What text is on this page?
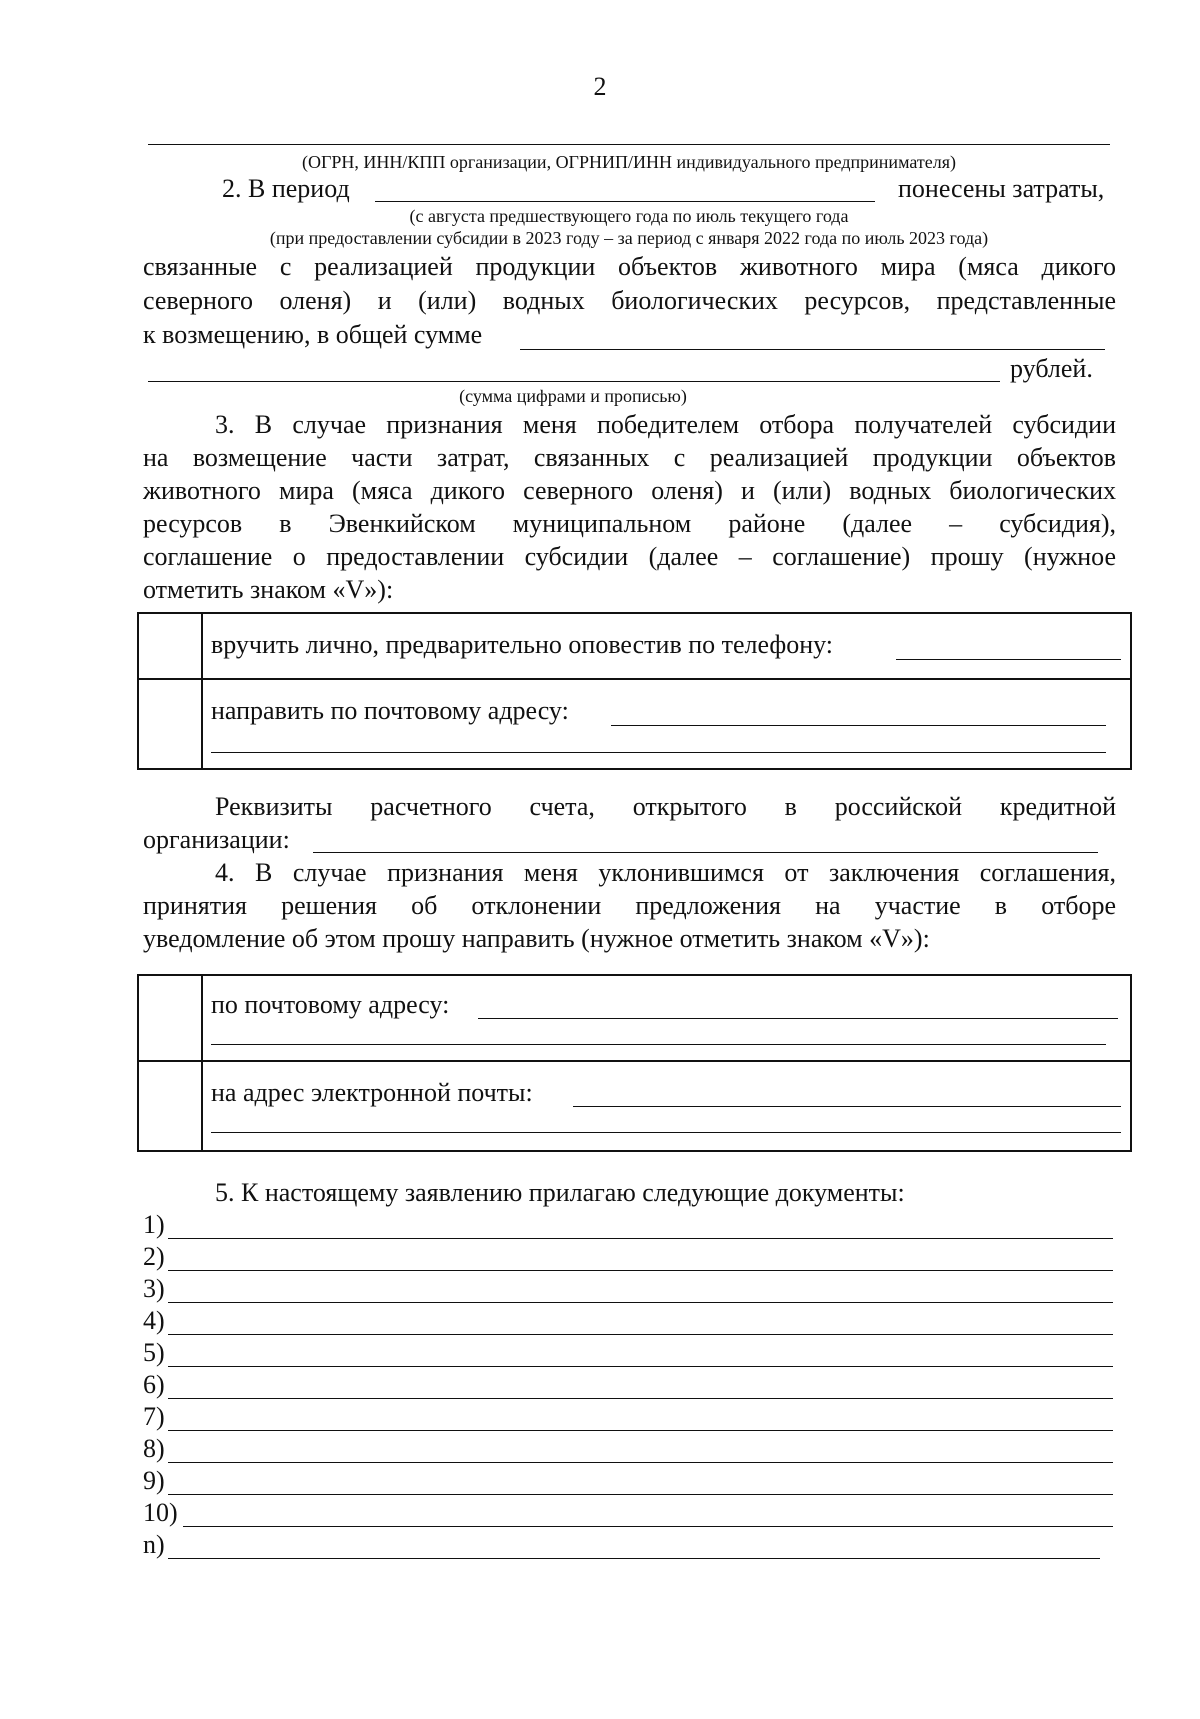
2
(ОГРН, ИНН/КПП организации, ОГРНИП/ИНН индивидуального предпринимателя)
2. В период	понесены затраты,
(с августа предшествующего года по июль текущего года
(при предоставлении субсидии в 2023 году – за период с января 2022 года по июль 2023 года)
связанные с реализацией продукции объектов животного мира (мяса дикого
северного оленя) и (или) водных биологических ресурсов, представленные
к возмещению, в общей сумме
рублей.
(сумма цифрами и прописью)
3. В случае признания меня победителем отбора получателей субсидии
на возмещение части затрат, связанных с реализацией продукции объектов
животного мира (мяса дикого северного оленя) и (или) водных биологических
ресурсов в Эвенкийском муниципальном районе (далее – субсидия),
соглашение о предоставлении субсидии (далее – соглашение) прошу (нужное
отметить знаком «V»):

	вручить лично, предварительно оповестив по телефону:

	направить по почтовому адресу:
Реквизиты расчетного счета, открытого в российской кредитной
организации:
4. В случае признания меня уклонившимся от заключения соглашения,
принятия решения об отклонении предложения на участие в отборе
уведомление об этом прошу направить (нужное отметить знаком «V»):

	по почтовому адресу:

	на адрес электронной почты:
5. К настоящему заявлению прилагаю следующие документы:
1)
2)
3)
4)
5)
6)
7)
8)
9)
10)
n)
